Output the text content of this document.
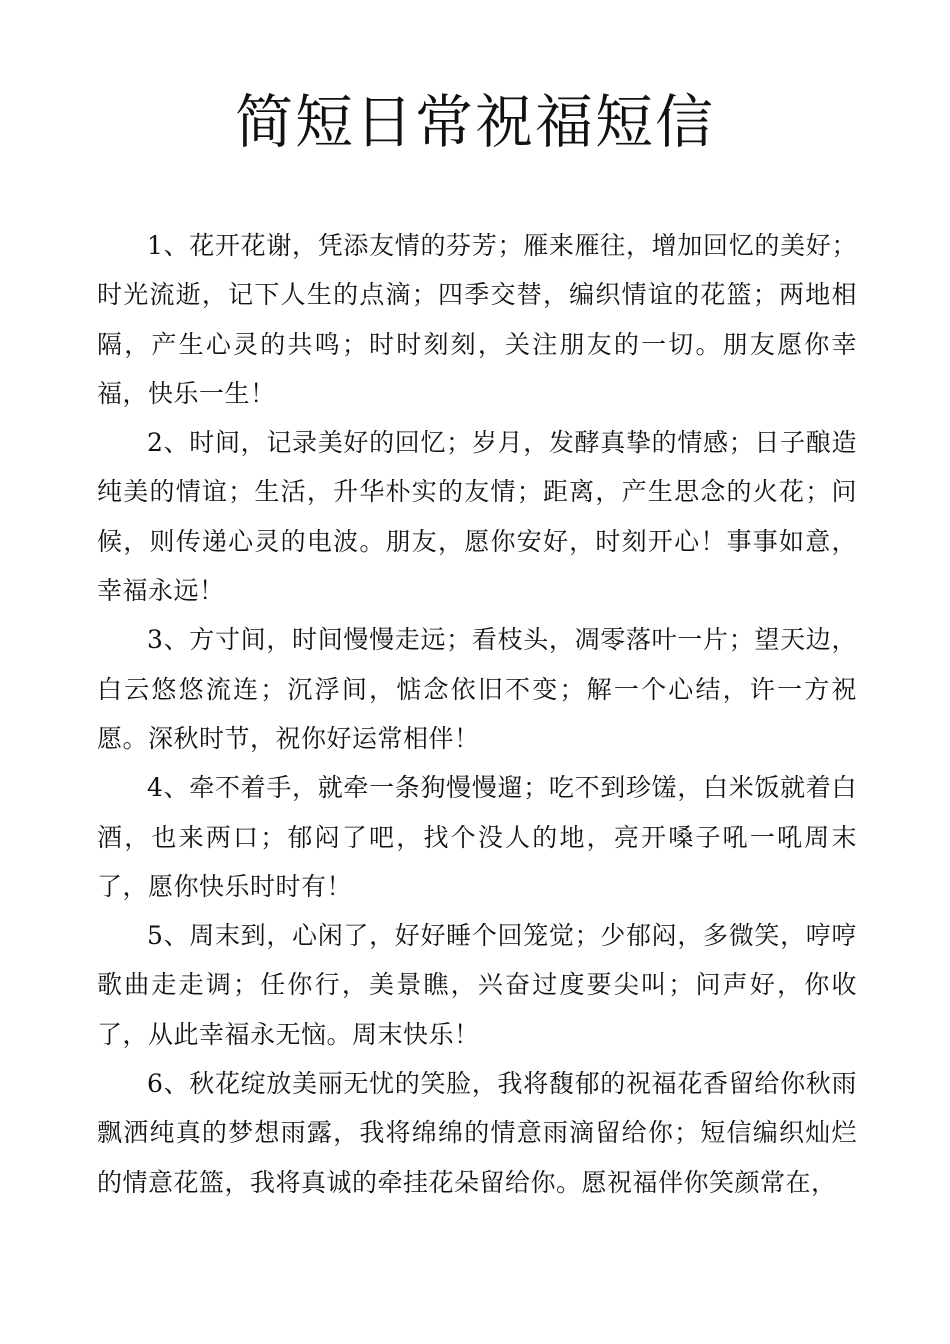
简短日常祝福短信

1、花开花谢，凭添友情的芬芳；雁来雁往，增加回忆的美好；时光流逝，记下人生的点滴；四季交替，编织情谊的花篮；两地相隔，产生心灵的共鸣；时时刻刻，关注朋友的一切。朋友愿你幸福，快乐一生！

2、时间，记录美好的回忆；岁月，发酵真挚的情感；日子酿造纯美的情谊；生活，升华朴实的友情；距离，产生思念的火花；问候，则传递心灵的电波。朋友，愿你安好，时刻开心！事事如意，幸福永远！

3、方寸间，时间慢慢走远；看枝头，凋零落叶一片；望天边，白云悠悠流连；沉浮间，惦念依旧不变；解一个心结，许一方祝愿。深秋时节，祝你好运常相伴！

4、牵不着手，就牵一条狗慢慢遛；吃不到珍馐，白米饭就着白酒，也来两口；郁闷了吧，找个没人的地，亮开嗓子吼一吼周末了，愿你快乐时时有！

5、周末到，心闲了，好好睡个回笼觉；少郁闷，多微笑，哼哼歌曲走走调；任你行，美景瞧，兴奋过度要尖叫；问声好，你收了，从此幸福永无恼。周末快乐！

6、秋花绽放美丽无忧的笑脸，我将馥郁的祝福花香留给你秋雨飘洒纯真的梦想雨露，我将绵绵的情意雨滴留给你；短信编织灿烂的情意花篮，我将真诚的牵挂花朵留给你。愿祝福伴你笑颜常在，
